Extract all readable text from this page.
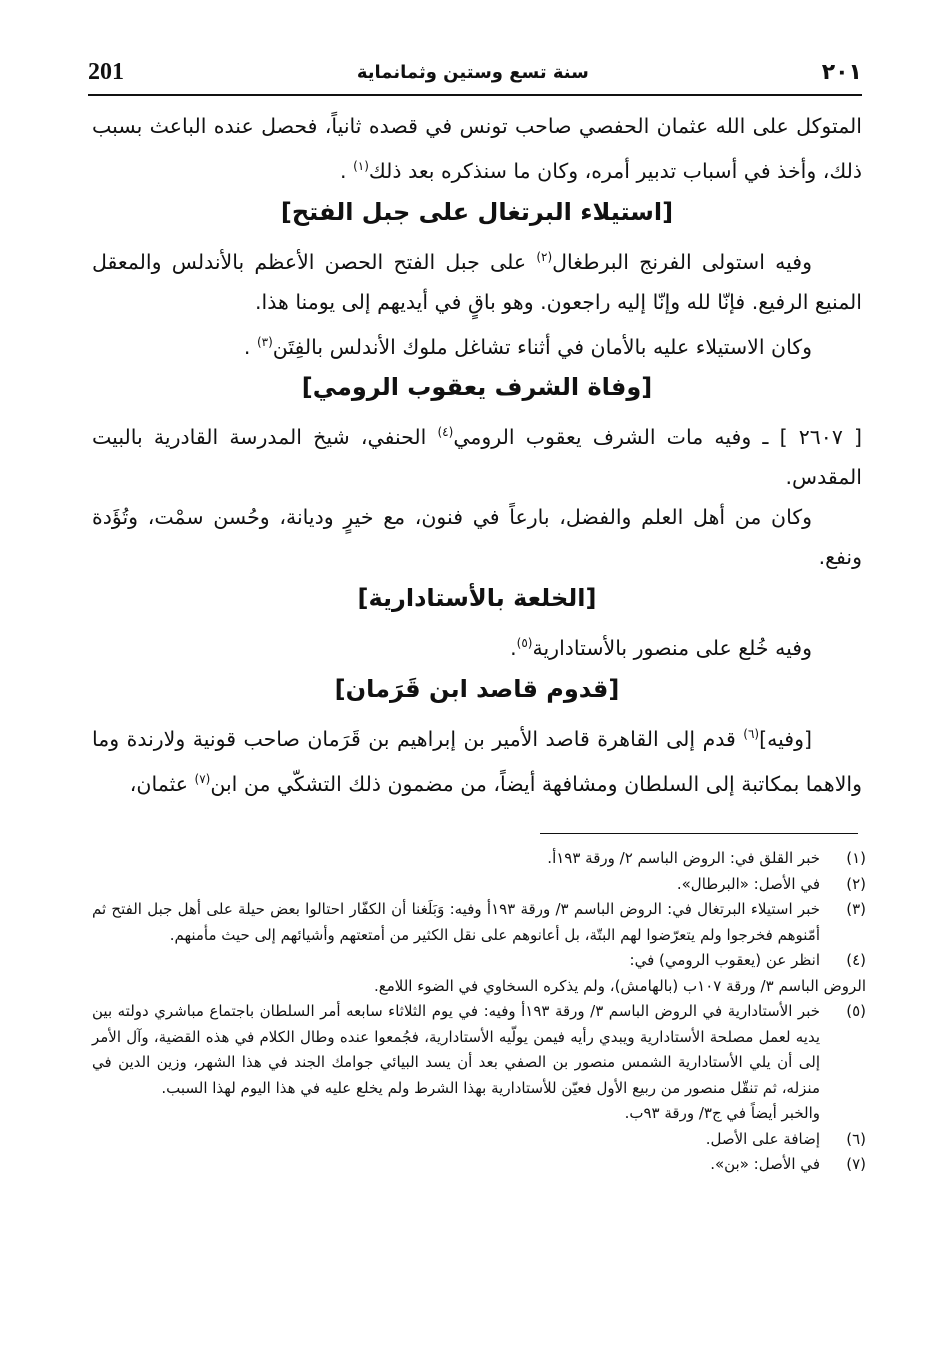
201	سنة تسع وستين وثمانماية	٢٠١

المتوكل على الله عثمان الحفصي صاحب تونس في قصده ثانياً، فحصل عنده الباعث بسبب ذلك، وأخذ في أسباب تدبير أمره، وكان ما سنذكره بعد ذلك$^{(١)}$ .

[استيلاء البرتغال على جبل الفتح]

وفيه استولى الفرنج البرطغال$^{(٢)}$ على جبل الفتح الحصن الأعظم بالأندلس والمعقل المنيع الرفيع. فإنّا لله وإنّا إليه راجعون. وهو باقٍ في أيديهم إلى يومنا هذا.

وكان الاستيلاء عليه بالأمان في أثناء تشاغل ملوك الأندلس بالفِتَن$^{(٣)}$ .

[وفاة الشرف يعقوب الرومي]

[ ٢٦٠٧ ] ـ وفيه مات الشرف يعقوب الرومي$^{(٤)}$ الحنفي، شيخ المدرسة القادرية بالبيت المقدس.

وكان من أهل العلم والفضل، بارعاً في فنون، مع خيرٍ وديانة، وحُسن سمْت، وتُؤَدة ونفع.

[الخلعة بالأستادارية]

وفيه خُلع على منصور بالأستادارية$^{(٥)}$.

[قدوم قاصد ابن قَرَمان]

[وفيه]$^{(٦)}$ قدم إلى القاهرة قاصد الأمير بن إبراهيم بن قَرَمان صاحب قونية ولارندة وما والاهما بمكاتبة إلى السلطان ومشافهة أيضاً، من مضمون ذلك التشكّي من ابن$^{(٧)}$ عثمان،

(١)
خبر القلق في: الروض الباسم ٢/ ورقة ١٩٣أ.
(٢)
في الأصل: «البرطال».
(٣)
خبر استيلاء البرتغال في: الروض الباسم ٣/ ورقة ١٩٣أ وفيه: وَبَلَغنا أن الكفّار احتالوا بعض حيلة على أهل جبل الفتح ثم أمّنوهم فخرجوا ولم يتعرّضوا لهم البتّة، بل أعانوهم على نقل الكثير من أمتعتهم وأشيائهم إلى حيث مأمنهم.
(٤)
انظر عن (يعقوب الرومي) في:
الروض الباسم ٣/ ورقة ١٠٧ب (بالهامش)، ولم يذكره السخاوي في الضوء اللامع.
(٥)
خبر الأستادارية في الروض الباسم ٣/ ورقة ١٩٣أ وفيه: في يوم الثلاثاء سابعه أمر السلطان باجتماع مباشري دولته بين يديه لعمل مصلحة الأستادارية ويبدي رأيه فيمن يولّيه الأستادارية، فجُمعوا عنده وطال الكلام في هذه القضية، وآل الأمر إلى أن يلي الأستادارية الشمس منصور بن الصفي بعد أن يسد البيائي جوامك الجند في هذا الشهر، وزين الدين في منزله، ثم تنقّل منصور من ربيع الأول فعيّن للأستادارية بهذا الشرط ولم يخلع عليه في هذا اليوم لهذا السبب.
والخبر أيضاً في ج٣/ ورقة ٩٣ب.
(٦)
إضافة على الأصل.
(٧)
في الأصل: «بن».
